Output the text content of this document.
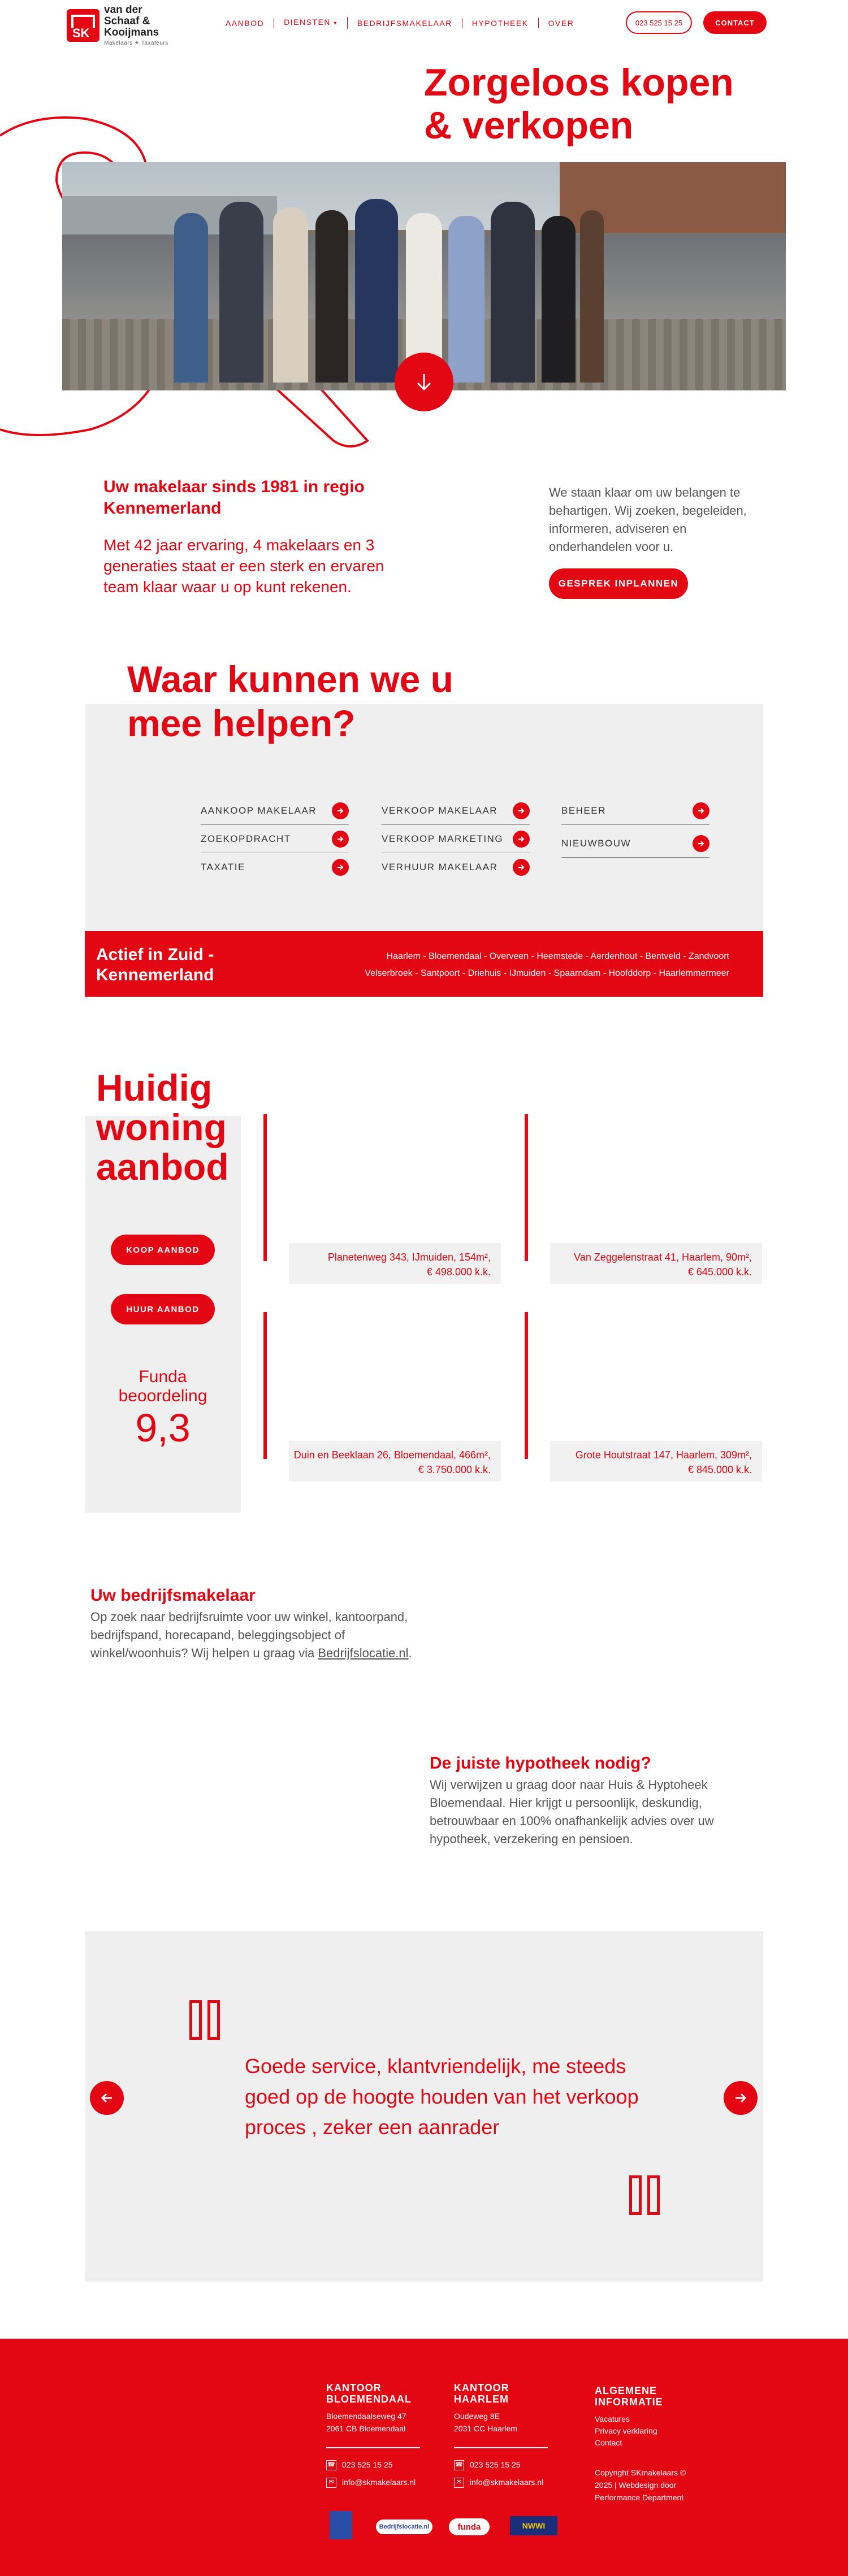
SK
van der Schaaf & Kooijmans
Makelaars ✦ Taxateurs
AANBOD	DIENSTEN ▾	BEDRIJFSMAKELAAR	HYPOTHEEK	OVER	023 525 15 25	CONTACT
Zorgeloos kopen
& verkopen
Uw makelaar sinds 1981 in regio Kennemerland

Met 42 jaar ervaring, 4 makelaars en 3 generaties staat er een sterk en ervaren team klaar waar u op kunt rekenen.

We staan klaar om uw belangen te behartigen. Wij zoeken, begeleiden, informeren, adviseren en onderhandelen voor u.

GESPREK INPLANNEN
Waar kunnen we u
mee helpen?
AANKOOP MAKELAAR
ZOEKOPDRACHT
TAXATIE
VERKOOP MAKELAAR
VERKOOP MARKETING
VERHUUR MAKELAAR
BEHEER
NIEUWBOUW
Actief in Zuid - Kennemerland
Haarlem - Bloemendaal - Overveen - Heemstede - Aerdenhout - Bentveld - Zandvoort
Velserbroek - Santpoort - Driehuis - IJmuiden - Spaarndam - Hoofddorp - Haarlemmermeer
Huidig
woning
aanbod
KOOP AANBOD
HUUR AANBOD
Funda
beoordeling
9,3
Planetenweg 343, IJmuiden, 154m²,
€ 498.000 k.k.
Van Zeggelenstraat 41, Haarlem, 90m²,
€ 645.000 k.k.
Duin en Beeklaan 26, Bloemendaal, 466m²,
€ 3.750.000 k.k.
Grote Houtstraat 147, Haarlem, 309m²,
€ 845.000 k.k.
Uw bedrijfsmakelaar

Op zoek naar bedrijfsruimte voor uw winkel, kantoorpand, bedrijfspand, horecapand, beleggingsobject of winkel/woonhuis? Wij helpen u graag via Bedrijfslocatie.nl.

De juiste hypotheek nodig?

Wij verwijzen u graag door naar Huis & Hyptoheek Bloemendaal. Hier krijgt u persoonlijk, deskundig, betrouwbaar en 100% onafhankelijk advies over uw hypotheek, verzekering en pensioen.

Goede service, klantvriendelijk, me steeds goed op de hoogte houden van het verkoop proces , zeker een aanrader

KANTOOR
BLOEMENDAAL
Bloemendaalseweg 47
2061 CB Bloemendaal
☎ 023 525 15 25
✉ info@skmakelaars.nl
KANTOOR
HAARLEM
Oudeweg 8E
2031 CC Haarlem
☎ 023 525 15 25
✉ info@skmakelaars.nl
ALGEMENE
INFORMATIE
Vacatures
Privacy verklaring
Contact
Copyright SKmakelaars ©
2025 | Webdesign door
Performance Department
Bedrijfslocatie.nl	funda	NWWI
